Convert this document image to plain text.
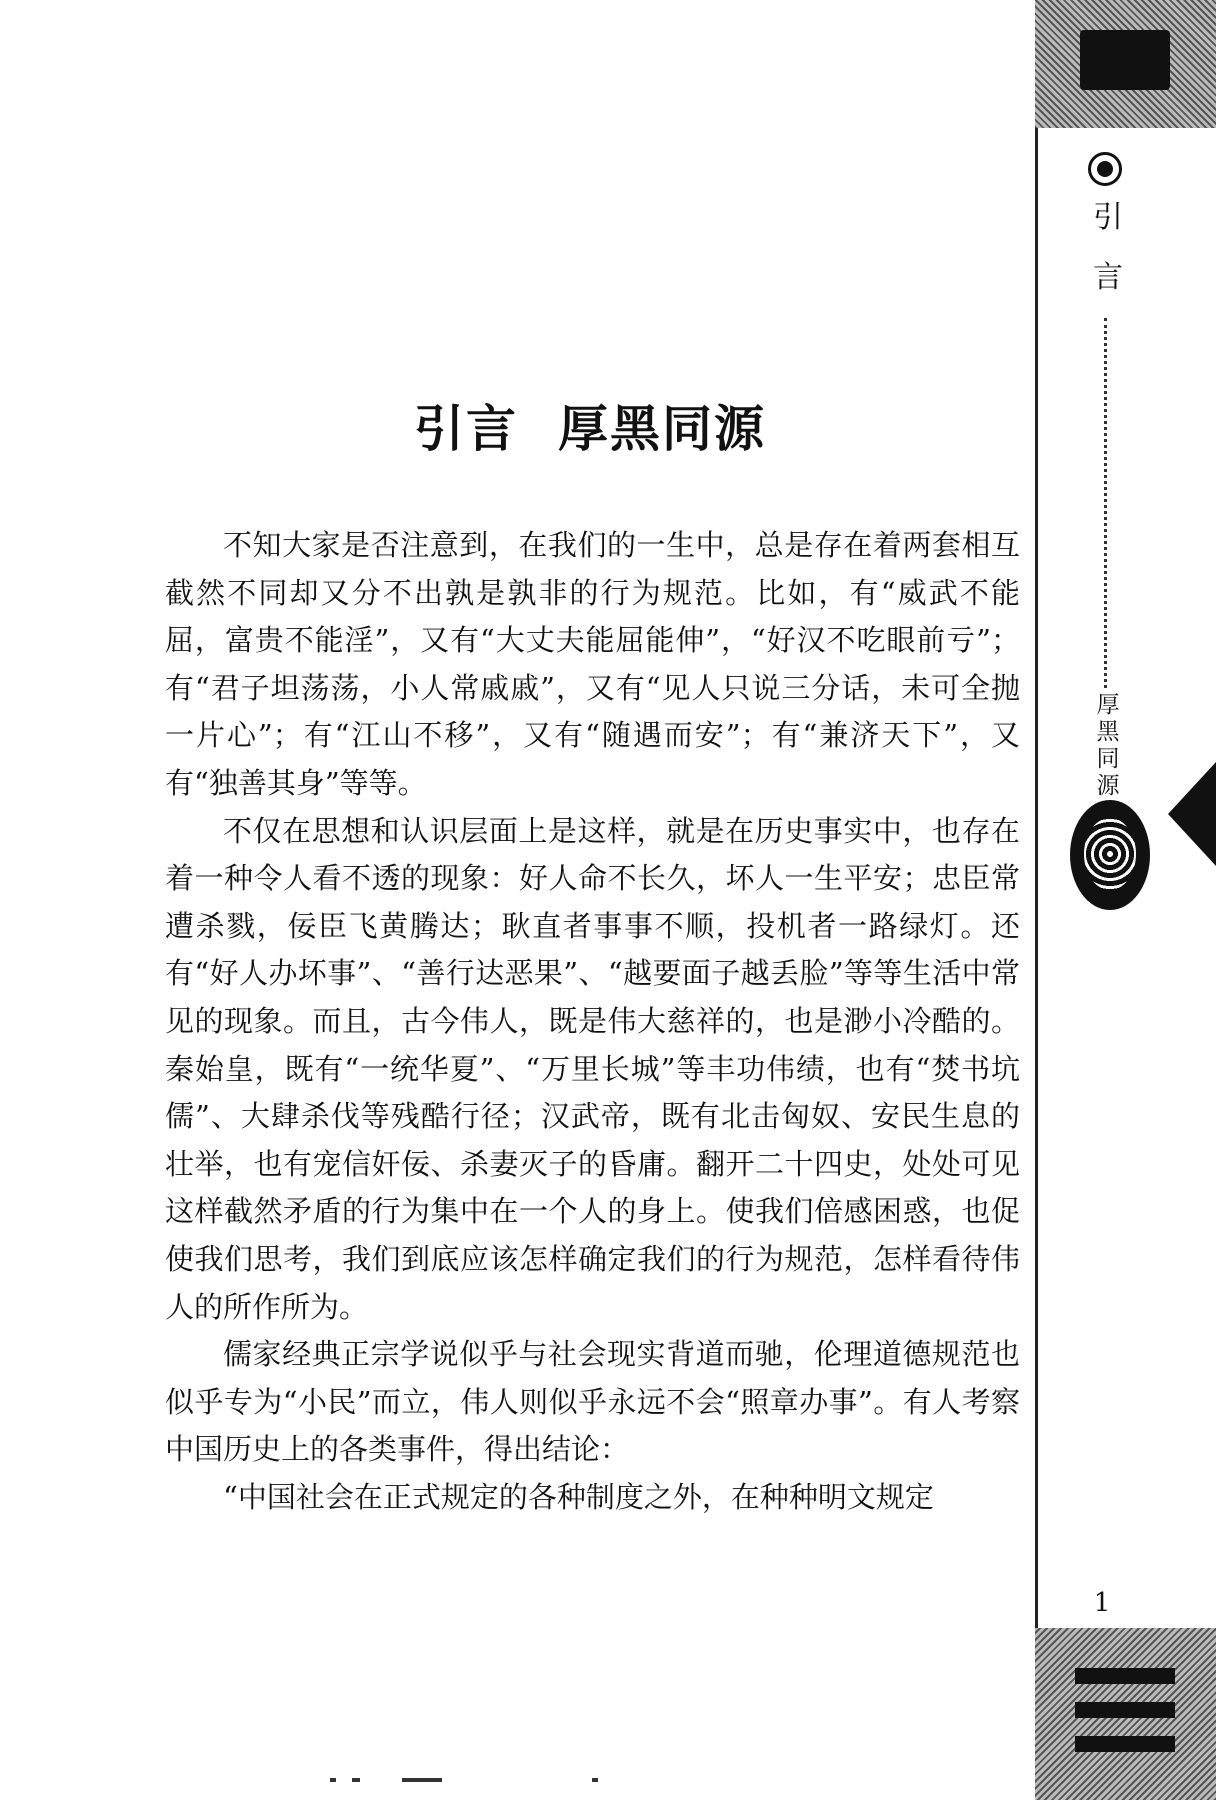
引言 厚黑同源

不知大家是否注意到，在我们的一生中，总是存在着两套相互截然不同却又分不出孰是孰非的行为规范。比如，有“威武不能屈，富贵不能淫”，又有“大丈夫能屈能伸”，“好汉不吃眼前亏”；有“君子坦荡荡，小人常戚戚”，又有“见人只说三分话，未可全抛一片心”；有“江山不移”，又有“随遇而安”；有“兼济天下”，又有“独善其身”等等。

不仅在思想和认识层面上是这样，就是在历史事实中，也存在着一种令人看不透的现象：好人命不长久，坏人一生平安；忠臣常遭杀戮，佞臣飞黄腾达；耿直者事事不顺，投机者一路绿灯。还有“好人办坏事”、“善行达恶果”、“越要面子越丢脸”等等生活中常见的现象。而且，古今伟人，既是伟大慈祥的，也是渺小冷酷的。秦始皇，既有“一统华夏”、“万里长城”等丰功伟绩，也有“焚书坑儒”、大肆杀伐等残酷行径；汉武帝，既有北击匈奴、安民生息的壮举，也有宠信奸佞、杀妻灭子的昏庸。翻开二十四史，处处可见这样截然矛盾的行为集中在一个人的身上。使我们倍感困惑，也促使我们思考，我们到底应该怎样确定我们的行为规范，怎样看待伟人的所作所为。

儒家经典正宗学说似乎与社会现实背道而驰，伦理道德规范也似乎专为“小民”而立，伟人则似乎永远不会“照章办事”。有人考察中国历史上的各类事件，得出结论：

“中国社会在正式规定的各种制度之外，在种种明文规定

引
言
厚黑同源
1
